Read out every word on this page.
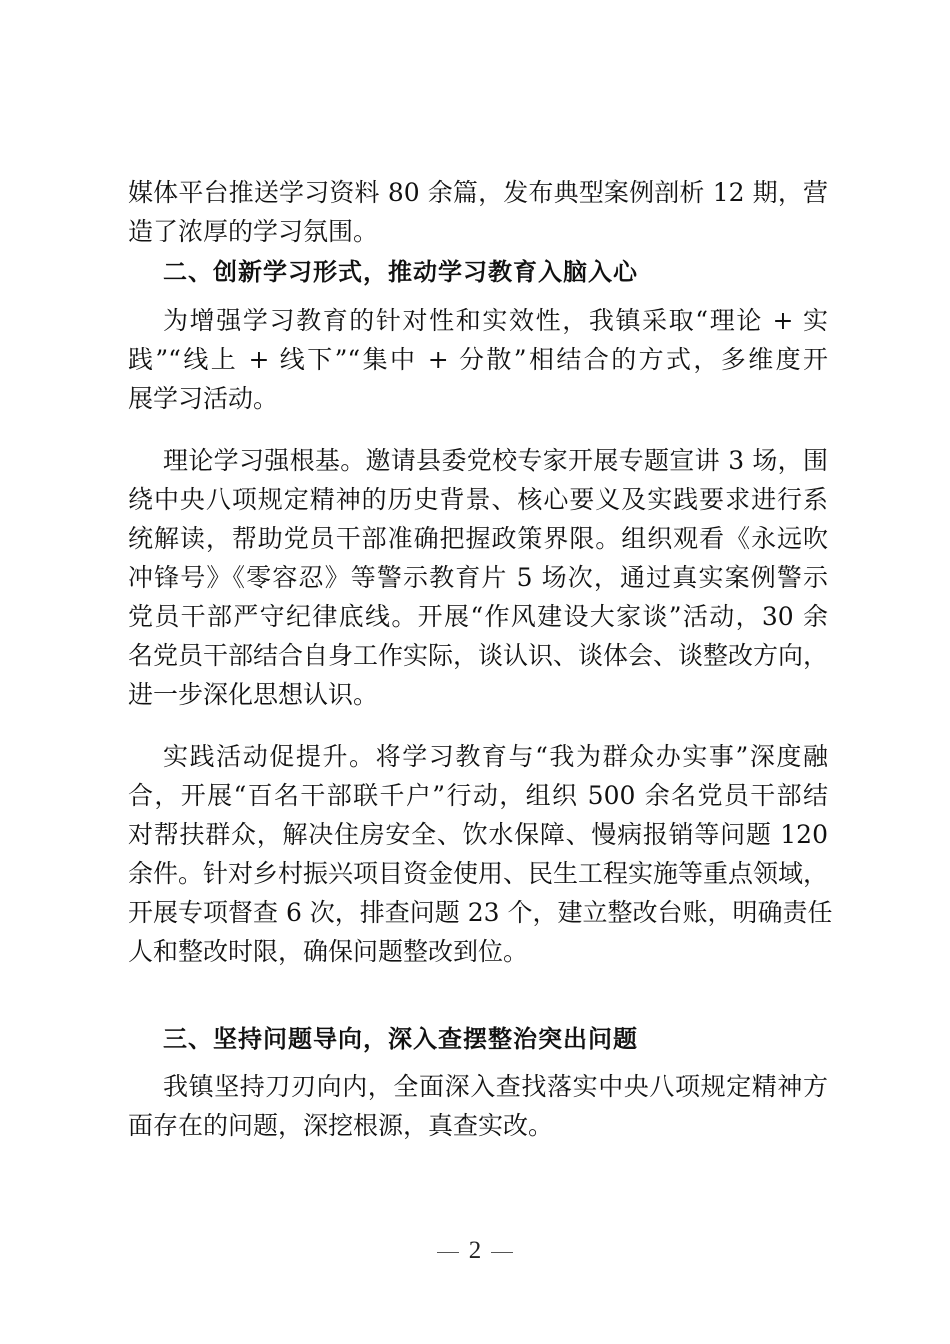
媒体平台推送学习资料 80 余篇，发布典型案例剖析 12 期，营
造了浓厚的学习氛围。
二、创新学习形式，推动学习教育入脑入心
为增强学习教育的针对性和实效性，我镇采取“理论 + 实
践”“线上 + 线下”“集中 + 分散”相结合的方式，多维度开
展学习活动。
理论学习强根基。邀请县委党校专家开展专题宣讲 3 场，围
绕中央八项规定精神的历史背景、核心要义及实践要求进行系
统解读，帮助党员干部准确把握政策界限。组织观看《永远吹
冲锋号》《零容忍》等警示教育片 5 场次，通过真实案例警示
党员干部严守纪律底线。开展“作风建设大家谈”活动，30 余
名党员干部结合自身工作实际，谈认识、谈体会、谈整改方向，
进一步深化思想认识。
实践活动促提升。将学习教育与“我为群众办实事”深度融
合，开展“百名干部联千户”行动，组织 500 余名党员干部结
对帮扶群众，解决住房安全、饮水保障、慢病报销等问题 120
余件。针对乡村振兴项目资金使用、民生工程实施等重点领域，
开展专项督查 6 次，排查问题 23 个，建立整改台账，明确责任
人和整改时限，确保问题整改到位。
三、坚持问题导向，深入查摆整治突出问题
我镇坚持刀刃向内，全面深入查找落实中央八项规定精神方
面存在的问题，深挖根源，真查实改。
2
